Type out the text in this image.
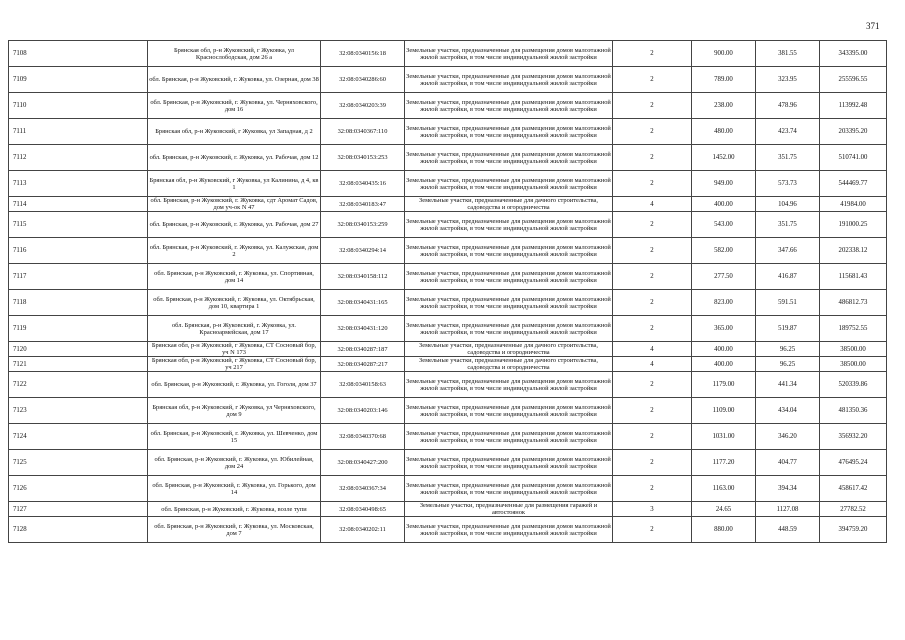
371
7108	Брянская обл, р-н Жуковский, г Жуковка, ул Краснослободская, дом 26 а	32:08:0340156:18	Земельные участки, предназначенные для размещения домов малоэтажной жилой застройки, в том числе индивидуальной жилой застройки	2	900.00	381.55	343395.00
7109	обл. Брянская, р-н Жуковский, г. Жуковка, ул. Озерная, дом 38	32:08:0340286:60	Земельные участки, предназначенные для размещения домов малоэтажной жилой застройки, в том числе индивидуальной жилой застройки	2	789.00	323.95	255596.55
7110	обл. Брянская, р-н Жуковский, г. Жуковка, ул. Черняховского, дом 16	32:08:0340203:39	Земельные участки, предназначенные для размещения домов малоэтажной жилой застройки, в том числе индивидуальной жилой застройки	2	238.00	478.96	113992.48
7111	Брянская обл, р-н Жуковский, г Жуковка, ул Западная, д 2	32:08:0340367:110	Земельные участки, предназначенные для размещения домов малоэтажной жилой застройки, в том числе индивидуальной жилой застройки	2	480.00	423.74	203395.20
7112	обл. Брянская, р-н Жуковский, г. Жуковка, ул. Рабочая, дом 12	32:08:0340153:253	Земельные участки, предназначенные для размещения домов малоэтажной жилой застройки, в том числе индивидуальной жилой застройки	2	1452.00	351.75	510741.00
7113	Брянская обл, р-н Жуковский, г Жуковка, ул Калинина, д 4, кв 1	32:08:0340435:16	Земельные участки, предназначенные для размещения домов малоэтажной жилой застройки, в том числе индивидуальной жилой застройки	2	949.00	573.73	544469.77
7114	обл. Брянская, р-н Жуковский, г. Жуковка, сдт Аромат Садов, дом уч-ок N 47	32:08:0340183:47	Земельные участки, предназначенные для дачного строительства, садоводства и огородничества	4	400.00	104.96	41984.00
7115	обл. Брянская, р-н Жуковский, г. Жуковка, ул. Рабочая, дом 27	32:08:0340153:259	Земельные участки, предназначенные для размещения домов малоэтажной жилой застройки, в том числе индивидуальной жилой застройки	2	543.00	351.75	191000.25
7116	обл. Брянская, р-н Жуковский, г. Жуковка, ул. Калужская, дом 2	32:08:0340294:14	Земельные участки, предназначенные для размещения домов малоэтажной жилой застройки, в том числе индивидуальной жилой застройки	2	582.00	347.66	202338.12
7117	обл. Брянская, р-н Жуковский, г. Жуковка, ул. Спортивная, дом 14	32:08:0340158:112	Земельные участки, предназначенные для размещения домов малоэтажной жилой застройки, в том числе индивидуальной жилой застройки	2	277.50	416.87	115681.43
7118	обл. Брянская, р-н Жуковский, г. Жуковка, ул. Октябрьская, дом 10, квартира 1	32:08:0340431:165	Земельные участки, предназначенные для размещения домов малоэтажной жилой застройки, в том числе индивидуальной жилой застройки	2	823.00	591.51	486812.73
7119	обл. Брянская, р-н Жуковский, г. Жуковка, ул. Красноармейская, дом 17	32:08:0340431:120	Земельные участки, предназначенные для размещения домов малоэтажной жилой застройки, в том числе индивидуальной жилой застройки	2	365.00	519.87	189752.55
7120	Брянская обл, р-н Жуковский, г Жуковка, СТ Сосновый бор, уч N 173	32:08:0340287:187	Земельные участки, предназначенные для дачного строительства, садоводства и огородничества	4	400.00	96.25	38500.00
7121	Брянская обл, р-н Жуковский, г Жуковка, СТ Сосновый бор, уч 217	32:08:0340287:217	Земельные участки, предназначенные для дачного строительства, садоводства и огородничества	4	400.00	96.25	38500.00
7122	обл. Брянская, р-н Жуковский, г. Жуковка, ул. Гоголя, дом 37	32:08:0340158:63	Земельные участки, предназначенные для размещения домов малоэтажной жилой застройки, в том числе индивидуальной жилой застройки	2	1179.00	441.34	520339.86
7123	Брянская обл, р-н Жуковский, г Жуковка, ул Черняховского, дом 9	32:08:0340203:146	Земельные участки, предназначенные для размещения домов малоэтажной жилой застройки, в том числе индивидуальной жилой застройки	2	1109.00	434.04	481350.36
7124	обл. Брянская, р-н Жуковский, г. Жуковка, ул. Шевченко, дом 15	32:08:0340370:68	Земельные участки, предназначенные для размещения домов малоэтажной жилой застройки, в том числе индивидуальной жилой застройки	2	1031.00	346.20	356932.20
7125	обл. Брянская, р-н Жуковский, г. Жуковка, ул. Юбилейная, дом 24	32:08:0340427:200	Земельные участки, предназначенные для размещения домов малоэтажной жилой застройки, в том числе индивидуальной жилой застройки	2	1177.20	404.77	476495.24
7126	обл. Брянская, р-н Жуковский, г. Жуковка, ул. Горького, дом 14	32:08:0340367:34	Земельные участки, предназначенные для размещения домов малоэтажной жилой застройки, в том числе индивидуальной жилой застройки	2	1163.00	394.34	458617.42
7127	обл. Брянская, р-н Жуковский, г. Жуковка, возле тупи	32:08:0340498:65	Земельные участки, предназначенные для размещения гаражей и автостоянок	3	24.65	1127.08	27782.52
7128	обл. Брянская, р-н Жуковский, г. Жуковка, ул. Московская, дом 7	32:08:0340202:11	Земельные участки, предназначенные для размещения домов малоэтажной жилой застройки, в том числе индивидуальной жилой застройки	2	880.00	448.59	394759.20
